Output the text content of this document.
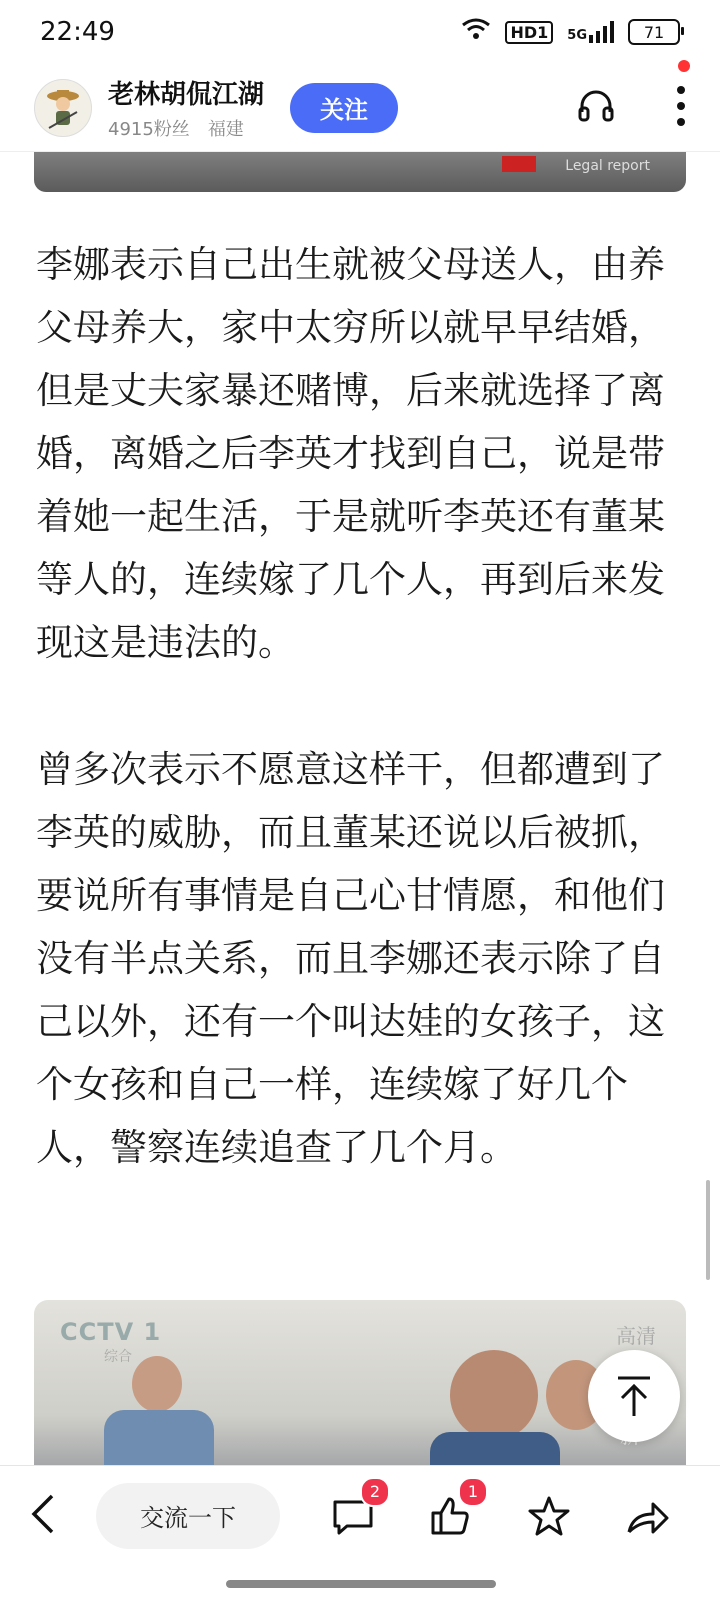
22:49	HD1	5G	71
老林胡侃江湖
4915粉丝 福建
关注
Legal report

李娜表示自己出生就被父母送人，由养父母养大，家中太穷所以就早早结婚，但是丈夫家暴还赌博，后来就选择了离婚，离婚之后李英才找到自己，说是带着她一起生活，于是就听李英还有董某等人的，连续嫁了几个人，再到后来发现这是违法的。

曾多次表示不愿意这样干，但都遭到了李英的威胁，而且董某还说以后被抓，要说所有事情是自己心甘情愿，和他们没有半点关系，而且李娜还表示除了自己以外，还有一个叫达娃的女孩子，这个女孩和自己一样，连续嫁了好几个人，警察连续追查了几个月。

CCTV 1
综合
高清
交流一下
2	1
